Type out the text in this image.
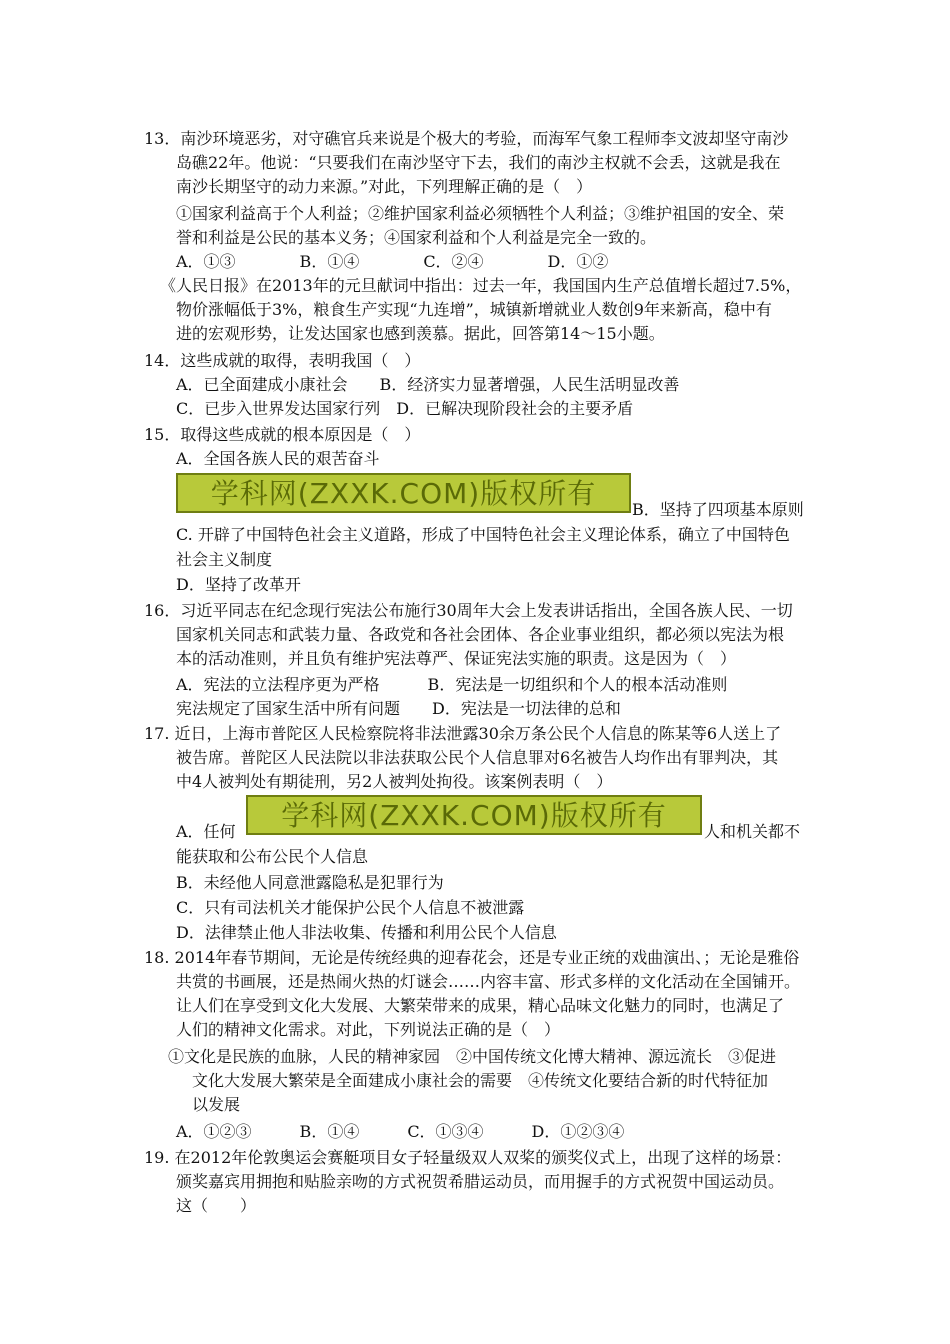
13．南沙环境恶劣，对守礁官兵来说是个极大的考验，而海军气象工程师李文波却坚守南沙
岛礁22年。他说：“只要我们在南沙坚守下去，我们的南沙主权就不会丢，这就是我在
南沙长期坚守的动力来源。”对此，下列理解正确的是（　）
①国家利益高于个人利益；②维护国家利益必须牺牲个人利益；③维护祖国的安全、荣
誉和利益是公民的基本义务；④国家利益和个人利益是完全一致的。
A．①③　　　　B．①④　　　　C．②④　　　　D．①②
《人民日报》在2013年的元旦献词中指出：过去一年，我国国内生产总值增长超过7.5%，
物价涨幅低于3%，粮食生产实现“九连增”，城镇新增就业人数创9年来新高，稳中有
进的宏观形势，让发达国家也感到羡慕。据此，回答第14～15小题。
14．这些成就的取得，表明我国（　）
A．已全面建成小康社会　　B．经济实力显著增强，人民生活明显改善
C．已步入世界发达国家行列　D．已解决现阶段社会的主要矛盾
15．取得这些成就的根本原因是（　）
A．全国各族人民的艰苦奋斗
学科网(ZXXK.COM)版权所有	B．坚持了四项基本原则
C. 开辟了中国特色社会主义道路，形成了中国特色社会主义理论体系，确立了中国特色
社会主义制度
D．坚持了改革开
16．习近平同志在纪念现行宪法公布施行30周年大会上发表讲话指出，全国各族人民、一切
国家机关同志和武装力量、各政党和各社会团体、各企业事业组织，都必须以宪法为根
本的活动准则，并且负有维护宪法尊严、保证宪法实施的职责。这是因为（　）
A．宪法的立法程序更为严格　　　B．宪法是一切组织和个人的根本活动准则
宪法规定了国家生活中所有问题　　D．宪法是一切法律的总和
17. 近日，上海市普陀区人民检察院将非法泄露30余万条公民个人信息的陈某等6人送上了
被告席。普陀区人民法院以非法获取公民个人信息罪对6名被告人均作出有罪判决，其
中4人被判处有期徒刑，另2人被判处拘役。该案例表明（　）
A．任何	学科网(ZXXK.COM)版权所有	人和机关都不
能获取和公布公民个人信息
B．未经他人同意泄露隐私是犯罪行为
C．只有司法机关才能保护公民个人信息不被泄露
D．法律禁止他人非法收集、传播和利用公民个人信息
18. 2014年春节期间，无论是传统经典的迎春花会，还是专业正统的戏曲演出、；无论是雅俗
共赏的书画展，还是热闹火热的灯谜会……内容丰富、形式多样的文化活动在全国铺开。
让人们在享受到文化大发展、大繁荣带来的成果，精心品味文化魅力的同时，也满足了
人们的精神文化需求。对此，下列说法正确的是（　）
①文化是民族的血脉，人民的精神家园　②中国传统文化博大精神、源远流长　③促进
文化大发展大繁荣是全面建成小康社会的需要　④传统文化要结合新的时代特征加
以发展
A．①②③　　　B．①④　　　C．①③④　　　D．①②③④
19. 在2012年伦敦奥运会赛艇项目女子轻量级双人双桨的颁奖仪式上，出现了这样的场景：
颁奖嘉宾用拥抱和贴脸亲吻的方式祝贺希腊运动员，而用握手的方式祝贺中国运动员。
这（　　）
